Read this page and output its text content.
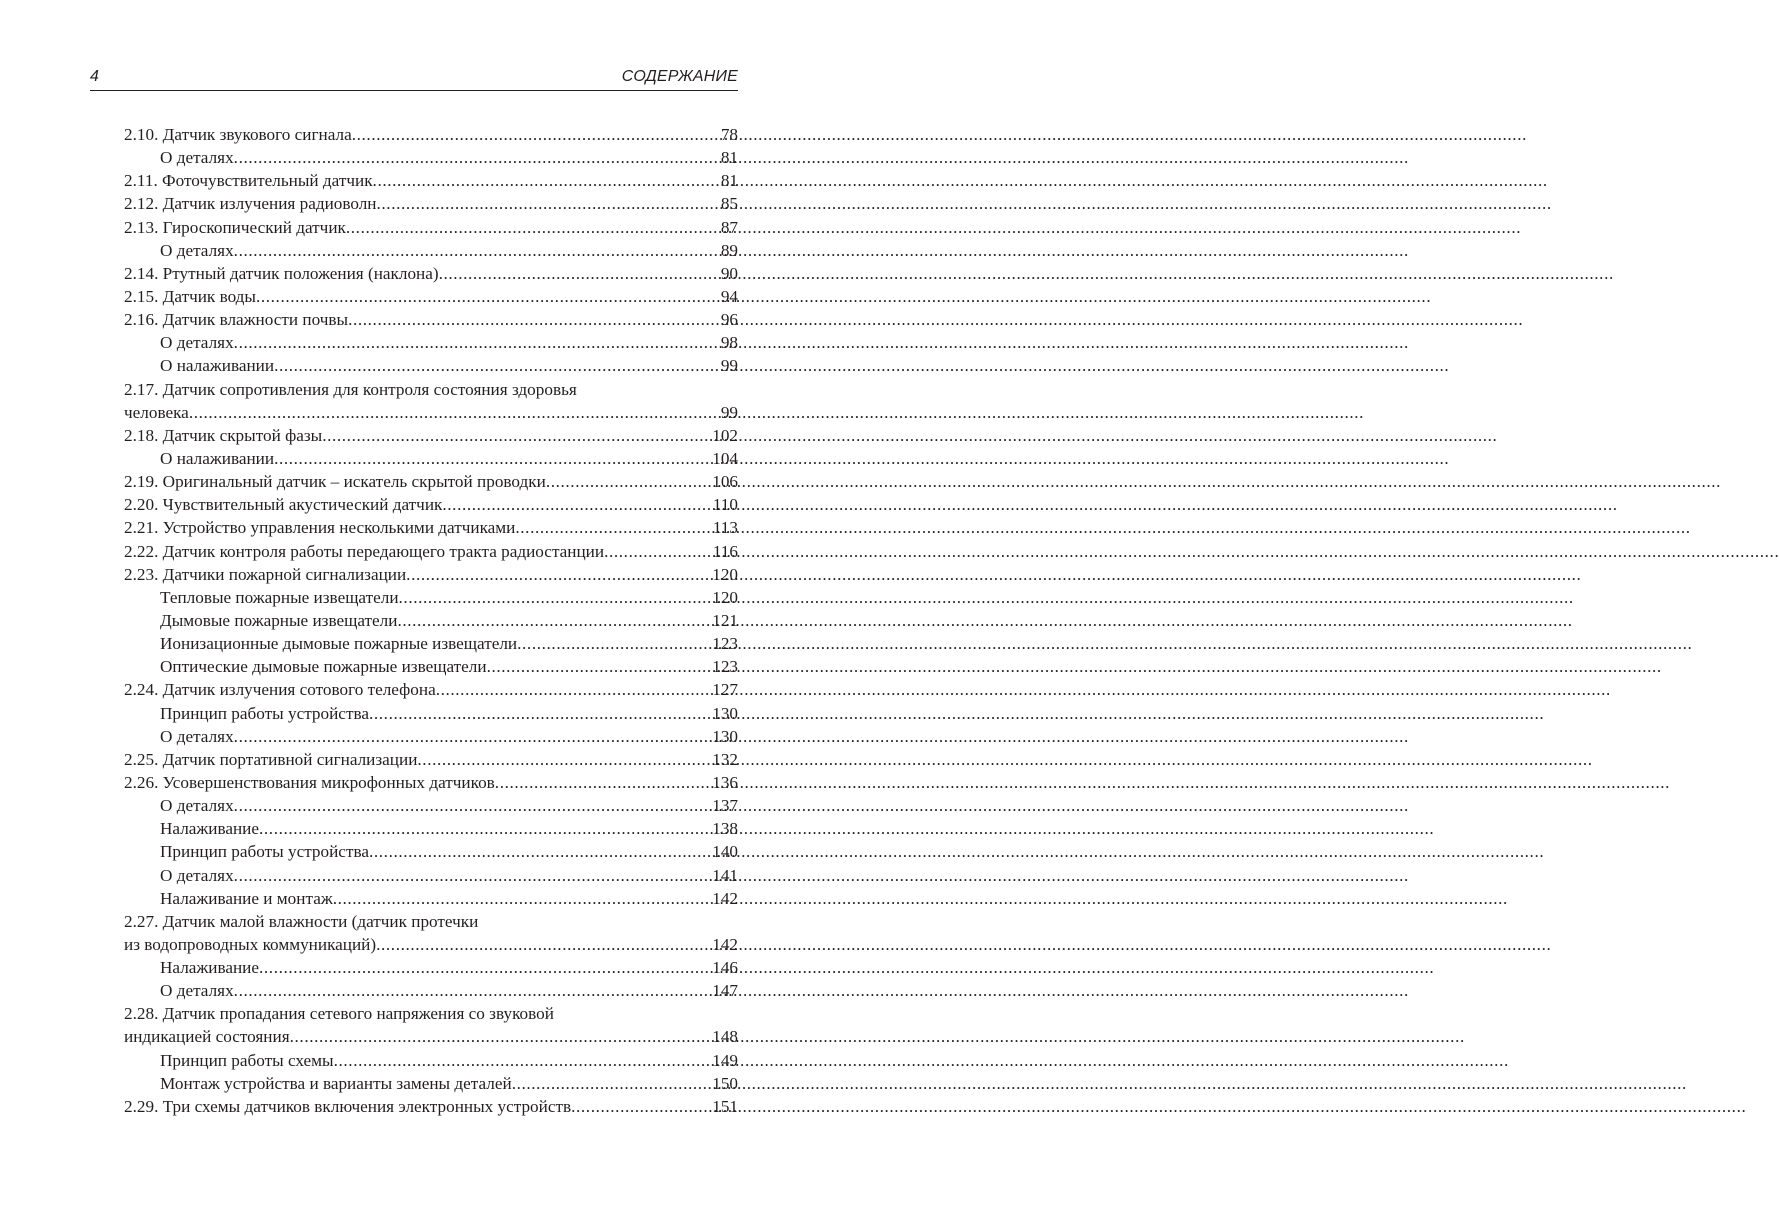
4	СОДЕРЖАНИЕ
2.10. Датчик звукового сигнала .....	78
О деталях .....	81
2.11. Фоточувствительный датчик .....	81
2.12. Датчик излучения радиоволн .....	85
2.13. Гироскопический датчик .....	87
О деталях .....	89
2.14. Ртутный датчик положения (наклона) .....	90
2.15. Датчик воды .....	94
2.16. Датчик влажности почвы .....	96
О деталях .....	98
О налаживании .....	99
2.17. Датчик сопротивления для контроля состояния здоровья
человека .....	99
2.18. Датчик скрытой фазы .....	102
О налаживании .....	104
2.19. Оригинальный датчик – искатель скрытой проводки .....	106
2.20. Чувствительный акустический датчик .....	110
2.21. Устройство управления несколькими датчиками .....	113
2.22. Датчик контроля работы передающего тракта радиостанции .....	116
2.23. Датчики пожарной сигнализации .....	120
Тепловые пожарные извещатели .....	120
Дымовые пожарные извещатели .....	121
Ионизационные дымовые пожарные извещатели .....	123
Оптические дымовые пожарные извещатели .....	123
2.24. Датчик излучения сотового телефона .....	127
Принцип работы устройства .....	130
О деталях .....	130
2.25. Датчик портативной сигнализации .....	132
2.26. Усовершенствования микрофонных датчиков .....	136
О деталях .....	137
Налаживание .....	138
Принцип работы устройства .....	140
О деталях .....	141
Налаживание и монтаж .....	142
2.27. Датчик малой влажности (датчик протечки
из водопроводных коммуникаций) .....	142
Налаживание .....	146
О деталях .....	147
2.28. Датчик пропадания сетевого напряжения со звуковой
индикацией состояния .....	148
Принцип работы схемы .....	149
Монтаж устройства и варианты замены деталей .....	150
2.29. Три схемы датчиков включения электронных устройств .....	151
